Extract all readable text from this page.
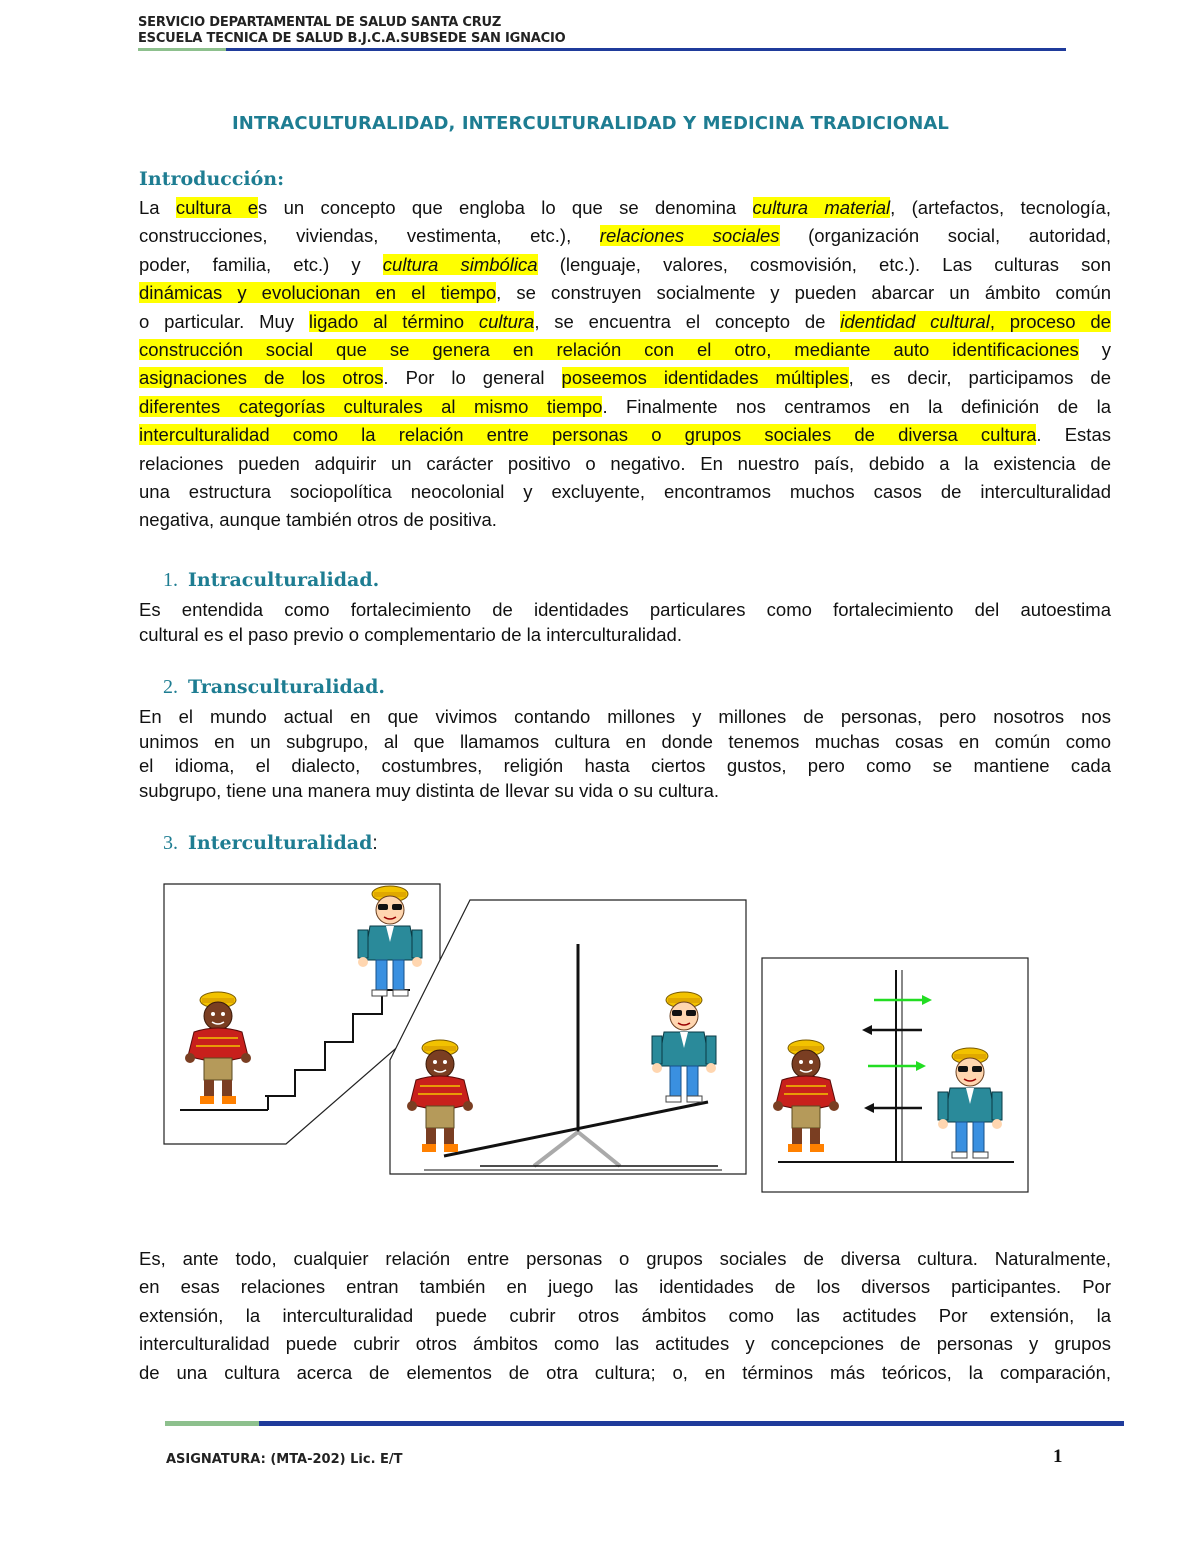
SERVICIO DEPARTAMENTAL DE SALUD SANTA CRUZ
ESCUELA TECNICA DE SALUD B.J.C.A.SUBSEDE SAN IGNACIO
INTRACULTURALIDAD, INTERCULTURALIDAD Y MEDICINA TRADICIONAL
Introducción:
La cultura es un concepto que engloba lo que se denomina cultura material, (artefactos, tecnología,
construcciones, viviendas, vestimenta, etc.), relaciones sociales (organización social, autoridad,
poder, familia, etc.) y cultura simbólica (lenguaje, valores, cosmovisión, etc.). Las culturas son
dinámicas y evolucionan en el tiempo, se construyen socialmente y pueden abarcar un ámbito común
o particular. Muy ligado al término cultura, se encuentra el concepto de identidad cultural, proceso de
construcción social que se genera en relación con el otro, mediante auto identificaciones y
asignaciones de los otros. Por lo general poseemos identidades múltiples, es decir, participamos de
diferentes categorías culturales al mismo tiempo. Finalmente nos centramos en la definición de la
interculturalidad como la relación entre personas o grupos sociales de diversa cultura. Estas
relaciones pueden adquirir un carácter positivo o negativo. En nuestro país, debido a la existencia de
una estructura sociopolítica neocolonial y excluyente, encontramos muchos casos de interculturalidad
negativa, aunque también otros de positiva.
1. Intraculturalidad.
Es entendida como fortalecimiento de identidades particulares como fortalecimiento del autoestima
cultural es el paso previo o complementario de la interculturalidad.
2. Transculturalidad.
En el mundo actual en que vivimos contando millones y millones de personas, pero nosotros nos
unimos en un subgrupo, al que llamamos cultura en donde tenemos muchas cosas en común como
el idioma, el dialecto, costumbres, religión hasta ciertos gustos, pero como se mantiene cada
subgrupo, tiene una manera muy distinta de llevar su vida o su cultura.
3. Interculturalidad:
Es, ante todo, cualquier relación entre personas o grupos sociales de diversa cultura. Naturalmente,
en esas relaciones entran también en juego las identidades de los diversos participantes. Por
extensión, la interculturalidad puede cubrir otros ámbitos como las actitudes Por extensión, la
interculturalidad puede cubrir otros ámbitos como las actitudes y concepciones de personas y grupos
de una cultura acerca de elementos de otra cultura; o, en términos más teóricos, la comparación,
ASIGNATURA: (MTA-202) Lic. E/T	1
